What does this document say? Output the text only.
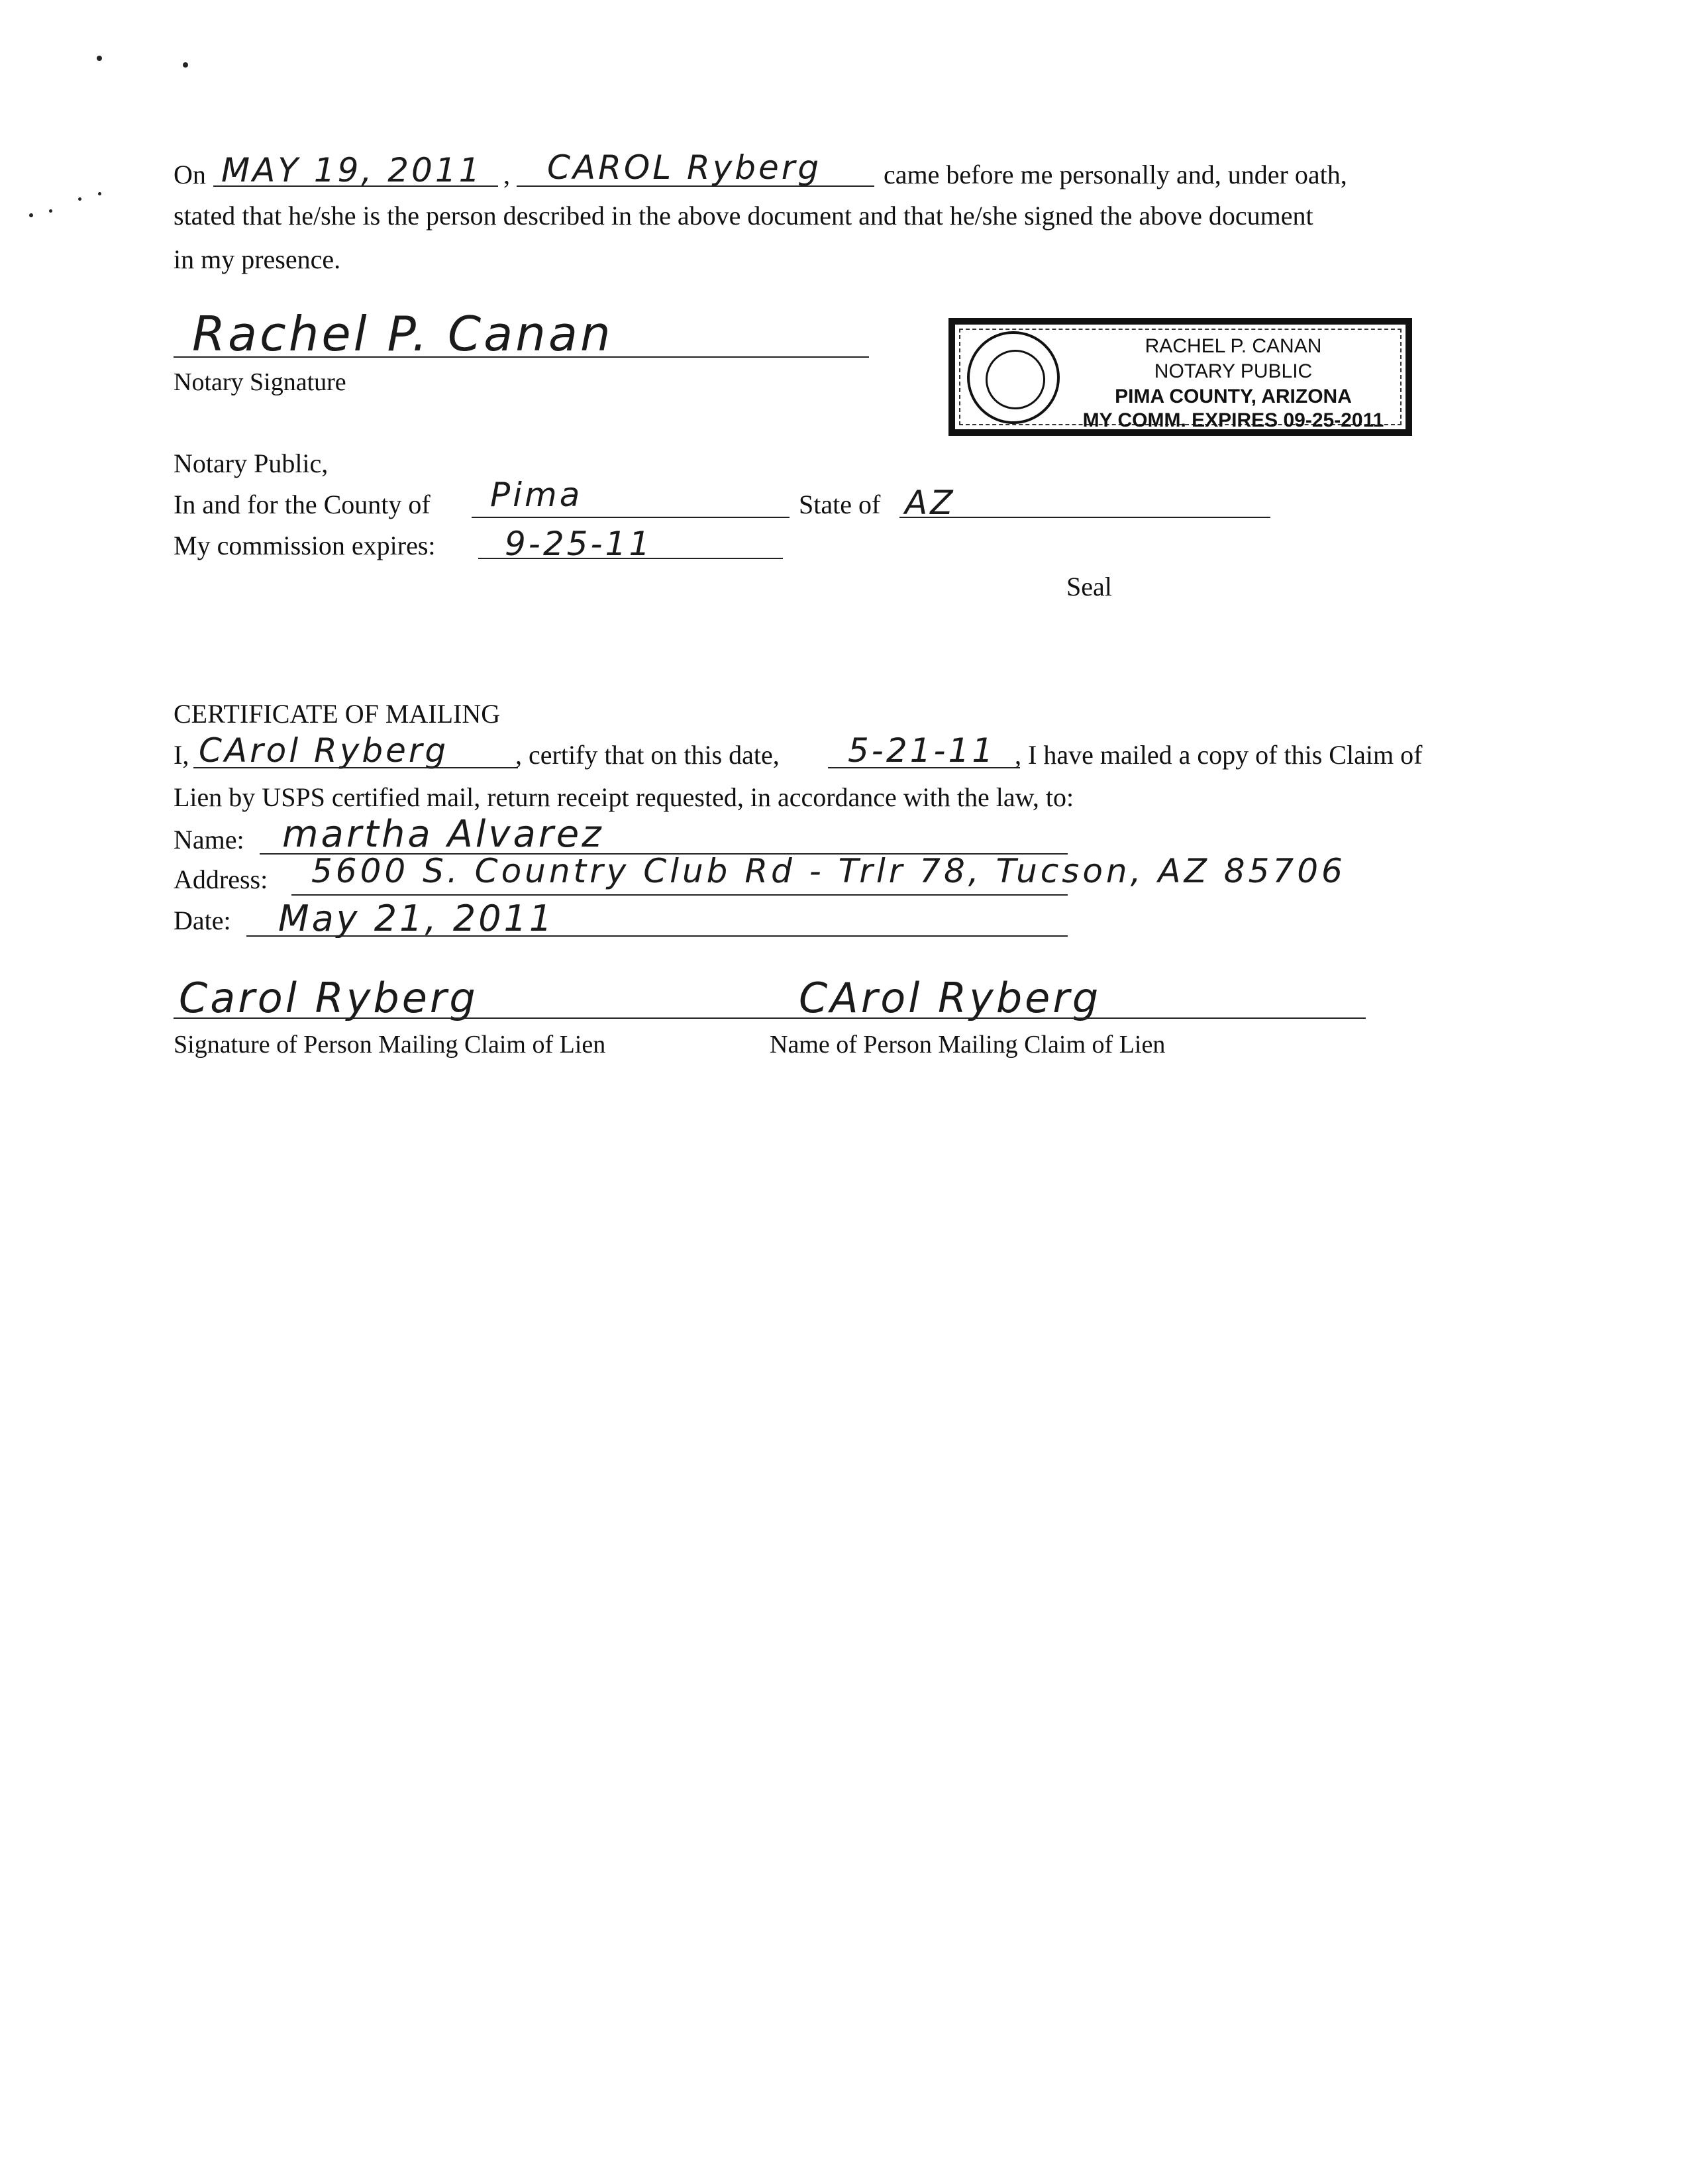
On MAY 19, 2011 , CAROL Ryberg came before me personally and, under oath,
stated that he/she is the person described in the above document and that he/she signed the above document
in my presence.
Rachel P. Canan
Notary Signature
RACHEL P. CANAN
NOTARY PUBLIC
PIMA COUNTY, ARIZONA
MY COMM. EXPIRES 09-25-2011
Notary Public,
In and for the County of Pima	State of AZ
My commission expires: 9-25-11
Seal
CERTIFICATE OF MAILING
I, CArol Ryberg	, certify that on this date, 5-21-11 , I have mailed a copy of this Claim of
Lien by USPS certified mail, return receipt requested, in accordance with the law, to:
Name: martha Alvarez
Address: 5600 S. Country Club Rd - Trlr 78, Tucson, AZ 85706
Date: May 21, 2011
Carol Ryberg
Signature of Person Mailing Claim of Lien
CArol Ryberg
Name of Person Mailing Claim of Lien
